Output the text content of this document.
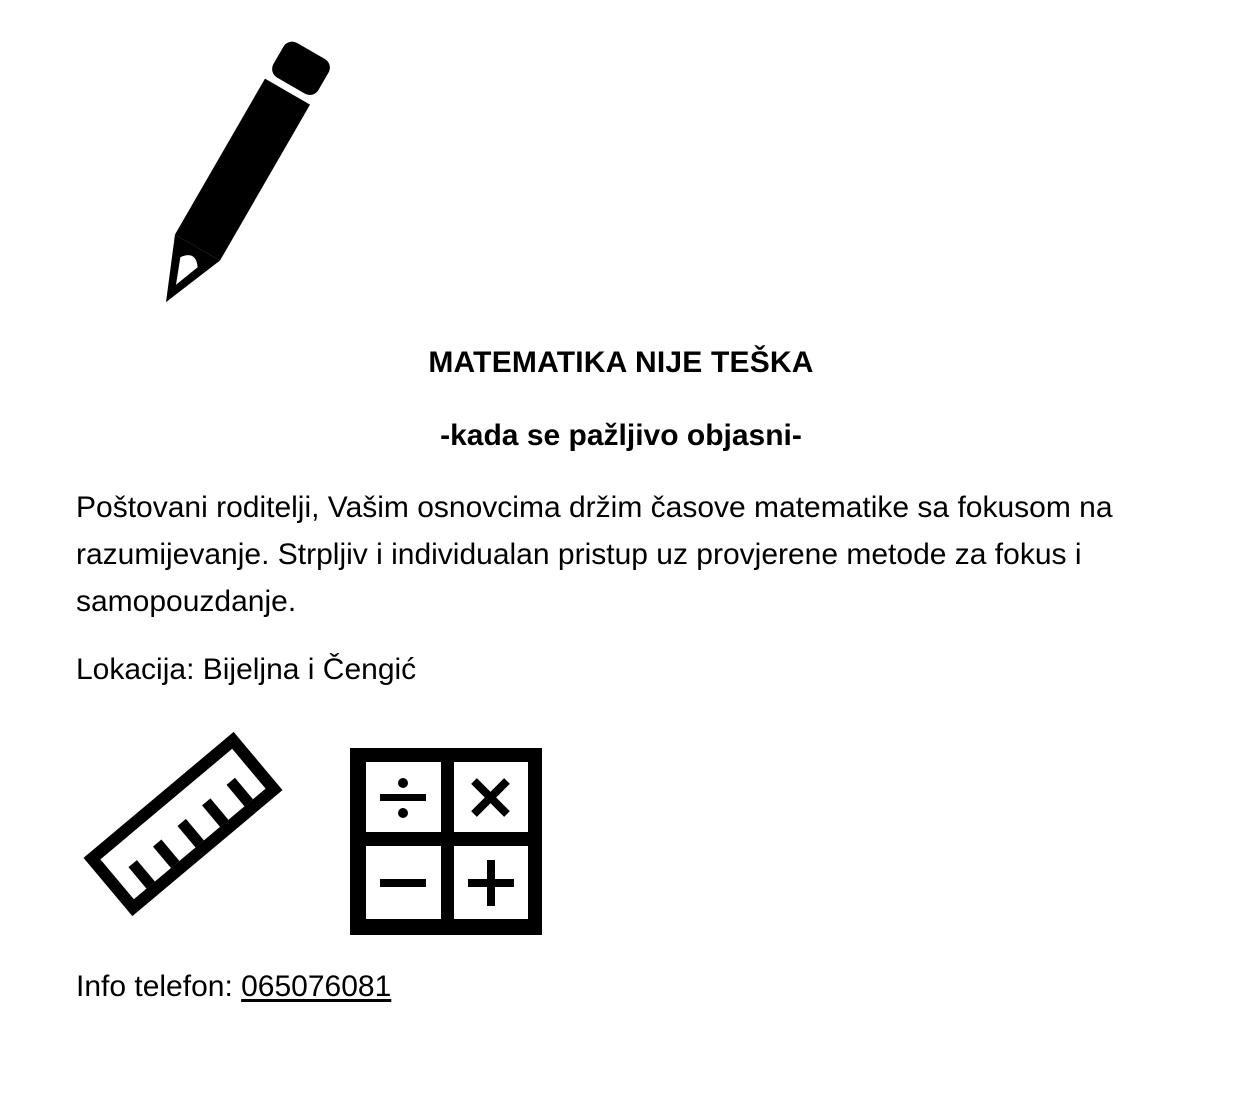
MATEMATIKA NIJE TEŠKA
-kada se pažljivo objasni-
Poštovani roditelji, Vašim osnovcima držim časove matematike sa fokusom na razumijevanje. Strpljiv i individualan pristup uz provjerene metode za fokus i samopouzdanje.
Lokacija: Bijeljna i Čengić
Info telefon: 065076081
